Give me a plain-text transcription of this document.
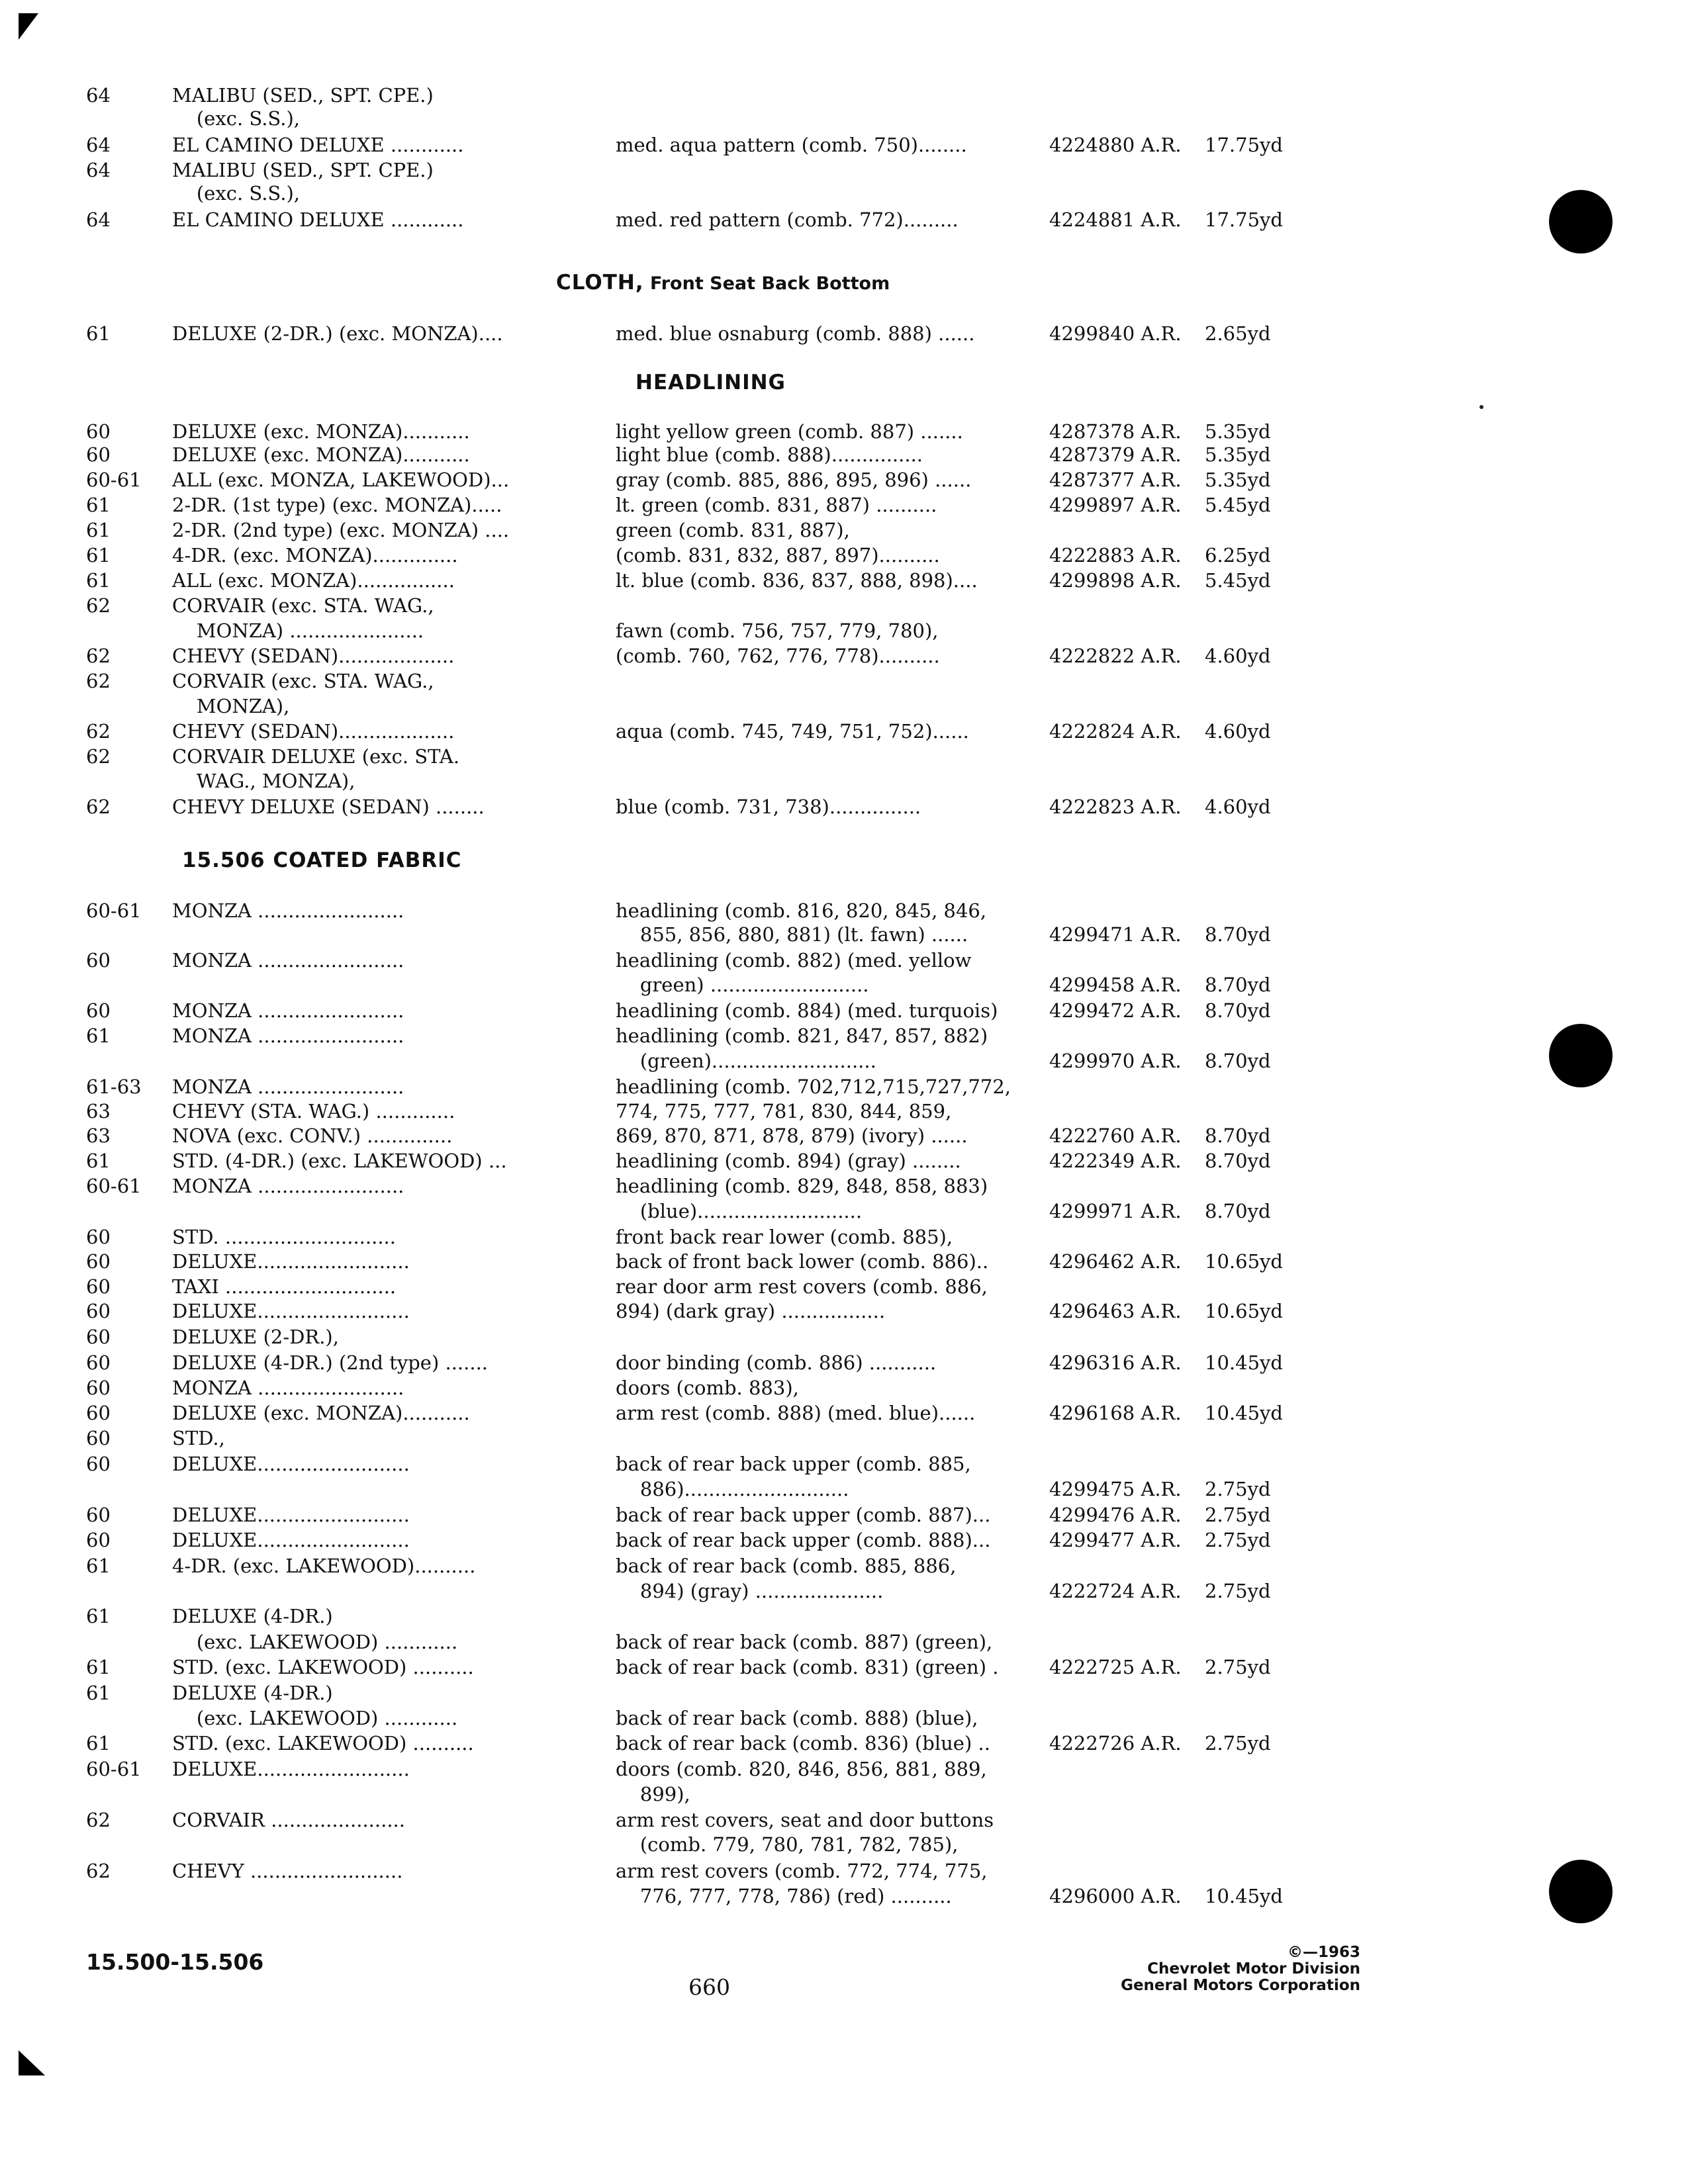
64	MALIBU (SED., SPT. CPE.)
(exc. S.S.),
64	EL CAMINO DELUXE ............	med. aqua pattern (comb. 750)........	4224880 A.R. 17.75yd
64	MALIBU (SED., SPT. CPE.)
(exc. S.S.),
64	EL CAMINO DELUXE ............	med. red pattern (comb. 772).........	4224881 A.R. 17.75yd
CLOTH, Front Seat Back Bottom
61	DELUXE (2-DR.) (exc. MONZA)....	med. blue osnaburg (comb. 888) ......	4299840 A.R. 2.65yd
HEADLINING
60	DELUXE (exc. MONZA)...........	light yellow green (comb. 887) .......	4287378 A.R. 5.35yd
60	DELUXE (exc. MONZA)...........	light blue (comb. 888)...............	4287379 A.R. 5.35yd
60-61 ALL (exc. MONZA, LAKEWOOD)...	gray (comb. 885, 886, 895, 896) ......	4287377 A.R. 5.35yd
61	2-DR. (1st type) (exc. MONZA).....	lt. green (comb. 831, 887) ..........	4299897 A.R. 5.45yd
61	2-DR. (2nd type) (exc. MONZA) ....	green (comb. 831, 887),
61	4-DR. (exc. MONZA)..............	(comb. 831, 832, 887, 897)..........	4222883 A.R. 6.25yd
61	ALL (exc. MONZA)................	lt. blue (comb. 836, 837, 888, 898)....	4299898 A.R. 5.45yd
62	CORVAIR (exc. STA. WAG.,
MONZA) ......................	fawn (comb. 756, 757, 779, 780),
62	CHEVY (SEDAN)...................	(comb. 760, 762, 776, 778)..........	4222822 A.R. 4.60yd
62	CORVAIR (exc. STA. WAG.,
MONZA),
62	CHEVY (SEDAN)...................	aqua (comb. 745, 749, 751, 752)......	4222824 A.R. 4.60yd
62	CORVAIR DELUXE (exc. STA.
WAG., MONZA),
62	CHEVY DELUXE (SEDAN) ........	blue (comb. 731, 738)...............	4222823 A.R. 4.60yd
15.506 COATED FABRIC
60-61 MONZA ........................	headlining (comb. 816, 820, 845, 846,
855, 856, 880, 881) (lt. fawn) ......	4299471 A.R. 8.70yd
60	MONZA ........................	headlining (comb. 882) (med. yellow
green) ..........................	4299458 A.R. 8.70yd
60	MONZA ........................	headlining (comb. 884) (med. turquois)	4299472 A.R. 8.70yd
61	MONZA ........................	headlining (comb. 821, 847, 857, 882)
(green)...........................	4299970 A.R. 8.70yd
61-63 MONZA ........................	headlining (comb. 702,712,715,727,772,
63	CHEVY (STA. WAG.) .............	774, 775, 777, 781, 830, 844, 859,
63	NOVA (exc. CONV.) ..............	869, 870, 871, 878, 879) (ivory) ......	4222760 A.R. 8.70yd
61	STD. (4-DR.) (exc. LAKEWOOD) ...	headlining (comb. 894) (gray) ........	4222349 A.R. 8.70yd
60-61 MONZA ........................	headlining (comb. 829, 848, 858, 883)
(blue)...........................	4299971 A.R. 8.70yd
60	STD. ............................	front back rear lower (comb. 885),
60	DELUXE.........................	back of front back lower (comb. 886)..	4296462 A.R. 10.65yd
60	TAXI ............................	rear door arm rest covers (comb. 886,
60	DELUXE.........................	894) (dark gray) .................	4296463 A.R. 10.65yd
60	DELUXE (2-DR.),
60	DELUXE (4-DR.) (2nd type) .......	door binding (comb. 886) ...........	4296316 A.R. 10.45yd
60	MONZA ........................	doors (comb. 883),
60	DELUXE (exc. MONZA)...........	arm rest (comb. 888) (med. blue)......	4296168 A.R. 10.45yd
60	STD.,
60	DELUXE.........................	back of rear back upper (comb. 885,
886)...........................	4299475 A.R. 2.75yd
60	DELUXE.........................	back of rear back upper (comb. 887)...	4299476 A.R. 2.75yd
60	DELUXE.........................	back of rear back upper (comb. 888)...	4299477 A.R. 2.75yd
61	4-DR. (exc. LAKEWOOD)..........	back of rear back (comb. 885, 886,
894) (gray) .....................	4222724 A.R. 2.75yd
61	DELUXE (4-DR.)
(exc. LAKEWOOD) ............	back of rear back (comb. 887) (green),
61	STD. (exc. LAKEWOOD) ..........	back of rear back (comb. 831) (green) .	4222725 A.R. 2.75yd
61	DELUXE (4-DR.)
(exc. LAKEWOOD) ............	back of rear back (comb. 888) (blue),
61	STD. (exc. LAKEWOOD) ..........	back of rear back (comb. 836) (blue) ..	4222726 A.R. 2.75yd
60-61 DELUXE.........................	doors (comb. 820, 846, 856, 881, 889,
899),
62	CORVAIR ......................	arm rest covers, seat and door buttons
(comb. 779, 780, 781, 782, 785),
62	CHEVY .........................	arm rest covers (comb. 772, 774, 775,
776, 777, 778, 786) (red) ..........	4296000 A.R. 10.45yd
15.500-15.506
660
©—1963
Chevrolet Motor Division
General Motors Corporation
